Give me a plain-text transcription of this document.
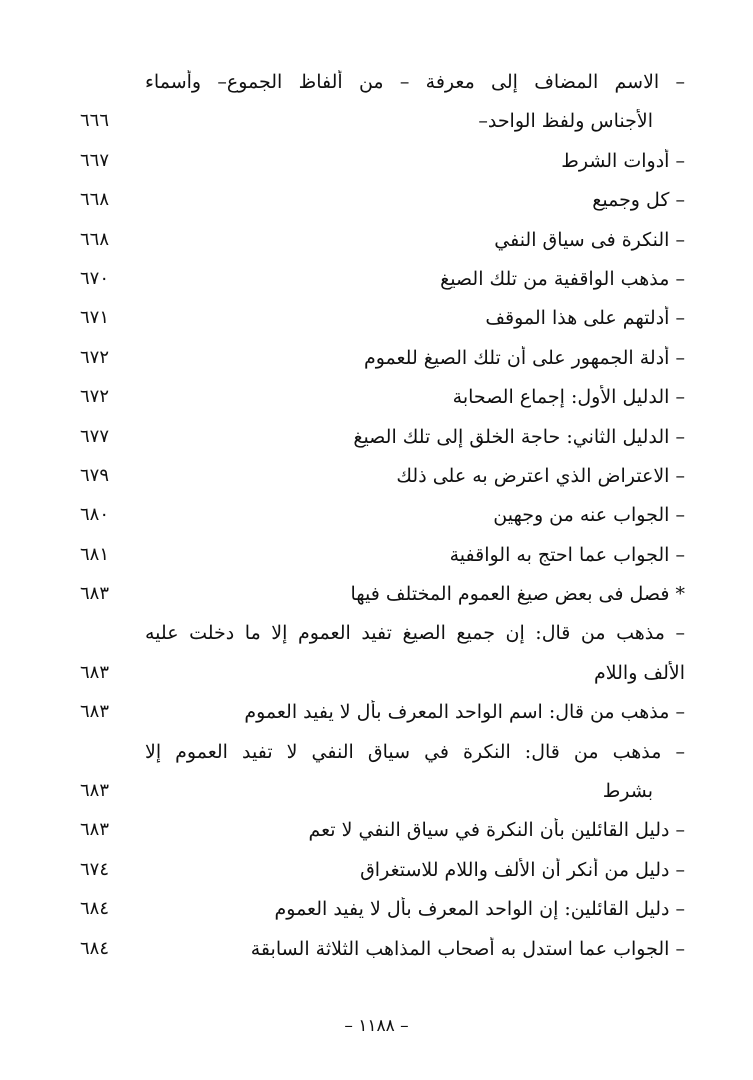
– الاسم المضاف إلى معرفة – من ألفاظ الجموع– وأسماء
الأجناس ولفظ الواحد–
٦٦٦
– أدوات الشرط
٦٦٧
– كل وجميع
٦٦٨
– النكرة فى سياق النفي
٦٦٨
– مذهب الواقفية من تلك الصيغ
٦٧٠
– أدلتهم على هذا الموقف
٦٧١
– أدلة الجمهور على أن تلك الصيغ للعموم
٦٧٢
– الدليل الأول: إجماع الصحابة
٦٧٢
– الدليل الثاني: حاجة الخلق إلى تلك الصيغ
٦٧٧
– الاعتراض الذي اعترض به على ذلك
٦٧٩
– الجواب عنه من وجهين
٦٨٠
– الجواب عما احتج به الواقفية
٦٨١
* فصل فى بعض صيغ العموم المختلف فيها
٦٨٣
– مذهب من قال: إن جميع الصيغ تفيد العموم إلا ما دخلت عليه
الألف واللام
٦٨٣
– مذهب من قال: اسم الواحد المعرف بأل لا يفيد العموم
٦٨٣
– مذهب من قال: النكرة في سياق النفي لا تفيد العموم إلا
بشرط
٦٨٣
– دليل القائلين بأن النكرة في سياق النفي لا تعم
٦٨٣
– دليل من أنكر أن الألف واللام للاستغراق
٦٧٤
– دليل القائلين: إن الواحد المعرف بأل لا يفيد العموم
٦٨٤
– الجواب عما استدل به أصحاب المذاهب الثلاثة السابقة
٦٨٤
– ١١٨٨ –
